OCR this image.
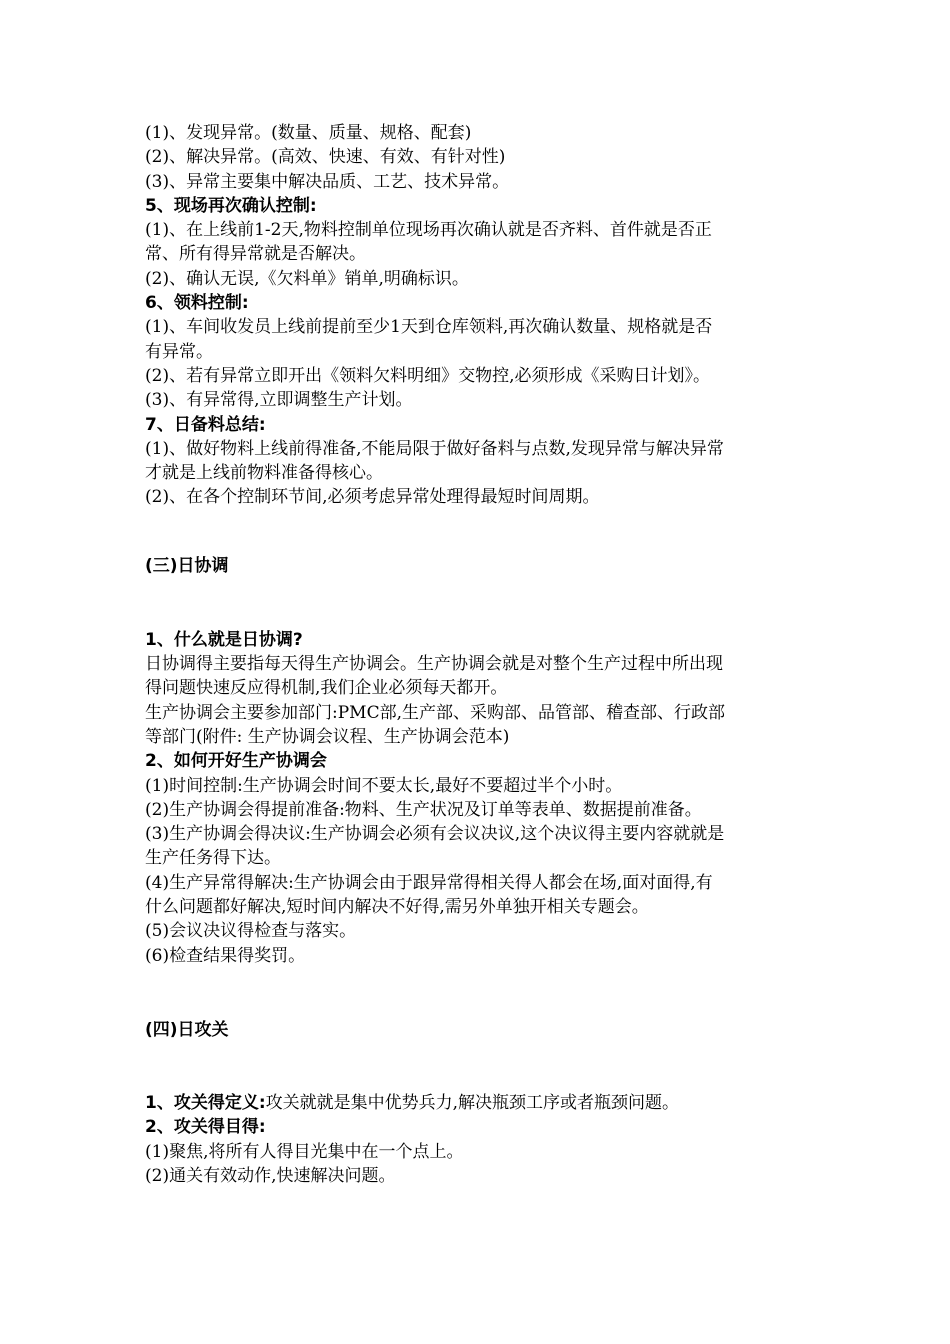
(1)、发现异常。(数量、质量、规格、配套)

(2)、解决异常。(高效、快速、有效、有针对性)

(3)、异常主要集中解决品质、工艺、技术异常。

5、现场再次确认控制:

(1)、在上线前1-2天,物料控制单位现场再次确认就是否齐料、首件就是否正

常、所有得异常就是否解决。

(2)、确认无误,《欠料单》销单,明确标识。

6、领料控制:

(1)、车间收发员上线前提前至少1天到仓库领料,再次确认数量、规格就是否

有异常。

(2)、若有异常立即开出《领料欠料明细》交物控,必须形成《采购日计划》。

(3)、有异常得,立即调整生产计划。

7、日备料总结:

(1)、做好物料上线前得准备,不能局限于做好备料与点数,发现异常与解决异常

才就是上线前物料准备得核心。

(2)、在各个控制环节间,必须考虑异常处理得最短时间周期。

(三)日协调

1、什么就是日协调?

日协调得主要指每天得生产协调会。生产协调会就是对整个生产过程中所出现

得问题快速反应得机制,我们企业必须每天都开。

生产协调会主要参加部门:PMC部,生产部、采购部、品管部、稽查部、行政部

等部门(附件: 生产协调会议程、生产协调会范本)

2、如何开好生产协调会

(1)时间控制:生产协调会时间不要太长,最好不要超过半个小时。

(2)生产协调会得提前准备:物料、生产状况及订单等表单、数据提前准备。

(3)生产协调会得决议:生产协调会必须有会议决议,这个决议得主要内容就就是

生产任务得下达。

(4)生产异常得解决:生产协调会由于跟异常得相关得人都会在场,面对面得,有

什么问题都好解决,短时间内解决不好得,需另外单独开相关专题会。

(5)会议决议得检查与落实。

(6)检查结果得奖罚。

(四)日攻关

1、攻关得定义:攻关就就是集中优势兵力,解决瓶颈工序或者瓶颈问题。

2、攻关得目得:

(1)聚焦,将所有人得目光集中在一个点上。

(2)通关有效动作,快速解决问题。
